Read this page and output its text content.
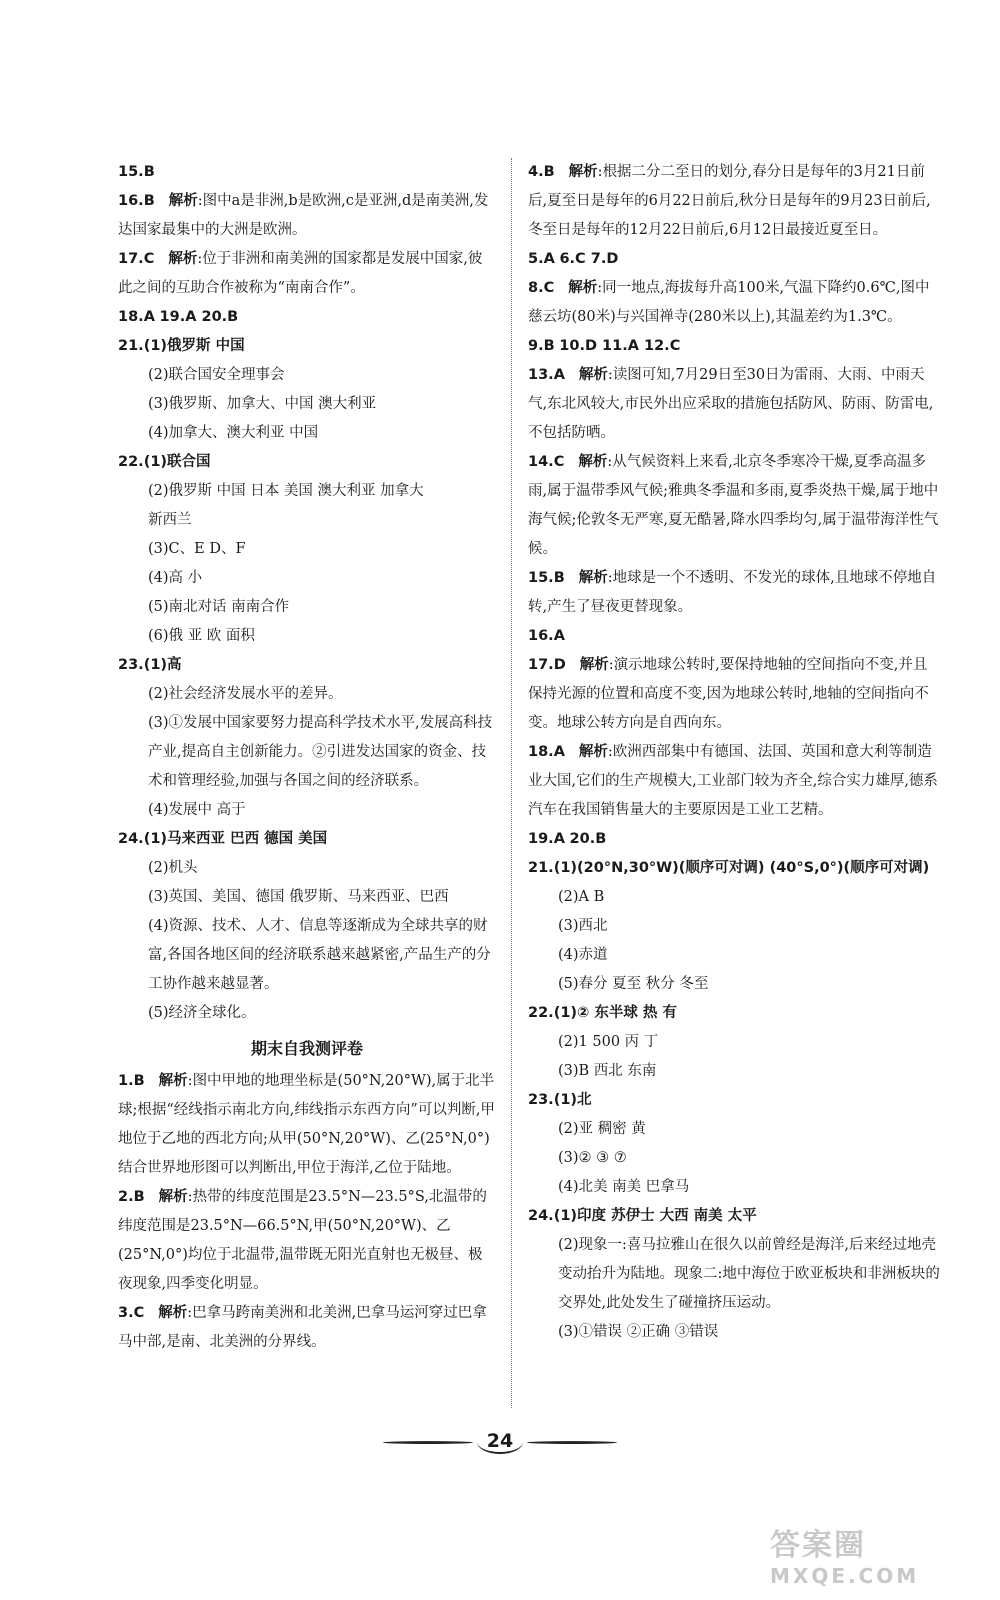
15.B
16.B 解析:图中a是非洲,b是欧洲,c是亚洲,d是南美洲,发达国家最集中的大洲是欧洲。
17.C 解析:位于非洲和南美洲的国家都是发展中国家,彼此之间的互助合作被称为“南南合作”。
18.A 19.A 20.B
21.(1)俄罗斯 中国
(2)联合国安全理事会
(3)俄罗斯、加拿大、中国 澳大利亚
(4)加拿大、澳大利亚 中国
22.(1)联合国
(2)俄罗斯 中国 日本 美国 澳大利亚 加拿大
新西兰
(3)C、E D、F
(4)高 小
(5)南北对话 南南合作
(6)俄 亚 欧 面积
23.(1)高
(2)社会经济发展水平的差异。
(3)①发展中国家要努力提高科学技术水平,发展高科技产业,提高自主创新能力。②引进发达国家的资金、技术和管理经验,加强与各国之间的经济联系。
(4)发展中 高于
24.(1)马来西亚 巴西 德国 美国
(2)机头
(3)英国、美国、德国 俄罗斯、马来西亚、巴西
(4)资源、技术、人才、信息等逐渐成为全球共享的财富,各国各地区间的经济联系越来越紧密,产品生产的分工协作越来越显著。
(5)经济全球化。
期末自我测评卷
1.B 解析:图中甲地的地理坐标是(50°N,20°W),属于北半球;根据“经线指示南北方向,纬线指示东西方向”可以判断,甲地位于乙地的西北方向;从甲(50°N,20°W)、乙(25°N,0°)结合世界地形图可以判断出,甲位于海洋,乙位于陆地。
2.B 解析:热带的纬度范围是23.5°N—23.5°S,北温带的纬度范围是23.5°N—66.5°N,甲(50°N,20°W)、乙(25°N,0°)均位于北温带,温带既无阳光直射也无极昼、极夜现象,四季变化明显。
3.C 解析:巴拿马跨南美洲和北美洲,巴拿马运河穿过巴拿马中部,是南、北美洲的分界线。
4.B 解析:根据二分二至日的划分,春分日是每年的3月21日前后,夏至日是每年的6月22日前后,秋分日是每年的9月23日前后,冬至日是每年的12月22日前后,6月12日最接近夏至日。
5.A 6.C 7.D
8.C 解析:同一地点,海拔每升高100米,气温下降约0.6℃,图中慈云坊(80米)与兴国禅寺(280米以上),其温差约为1.3℃。
9.B 10.D 11.A 12.C
13.A 解析:读图可知,7月29日至30日为雷雨、大雨、中雨天气,东北风较大,市民外出应采取的措施包括防风、防雨、防雷电,不包括防晒。
14.C 解析:从气候资料上来看,北京冬季寒冷干燥,夏季高温多雨,属于温带季风气候;雅典冬季温和多雨,夏季炎热干燥,属于地中海气候;伦敦冬无严寒,夏无酷暑,降水四季均匀,属于温带海洋性气候。
15.B 解析:地球是一个不透明、不发光的球体,且地球不停地自转,产生了昼夜更替现象。
16.A
17.D 解析:演示地球公转时,要保持地轴的空间指向不变,并且保持光源的位置和高度不变,因为地球公转时,地轴的空间指向不变。地球公转方向是自西向东。
18.A 解析:欧洲西部集中有德国、法国、英国和意大利等制造业大国,它们的生产规模大,工业部门较为齐全,综合实力雄厚,德系汽车在我国销售量大的主要原因是工业工艺精。
19.A 20.B
21.(1)(20°N,30°W)(顺序可对调) (40°S,0°)(顺序可对调)
(2)A B
(3)西北
(4)赤道
(5)春分 夏至 秋分 冬至
22.(1)② 东半球 热 有
(2)1 500 丙 丁
(3)B 西北 东南
23.(1)北
(2)亚 稠密 黄
(3)② ③ ⑦
(4)北美 南美 巴拿马
24.(1)印度 苏伊士 大西 南美 太平
(2)现象一:喜马拉雅山在很久以前曾经是海洋,后来经过地壳变动抬升为陆地。现象二:地中海位于欧亚板块和非洲板块的交界处,此处发生了碰撞挤压运动。
(3)①错误 ②正确 ③错误
24
答案圈
MXQE.COM
